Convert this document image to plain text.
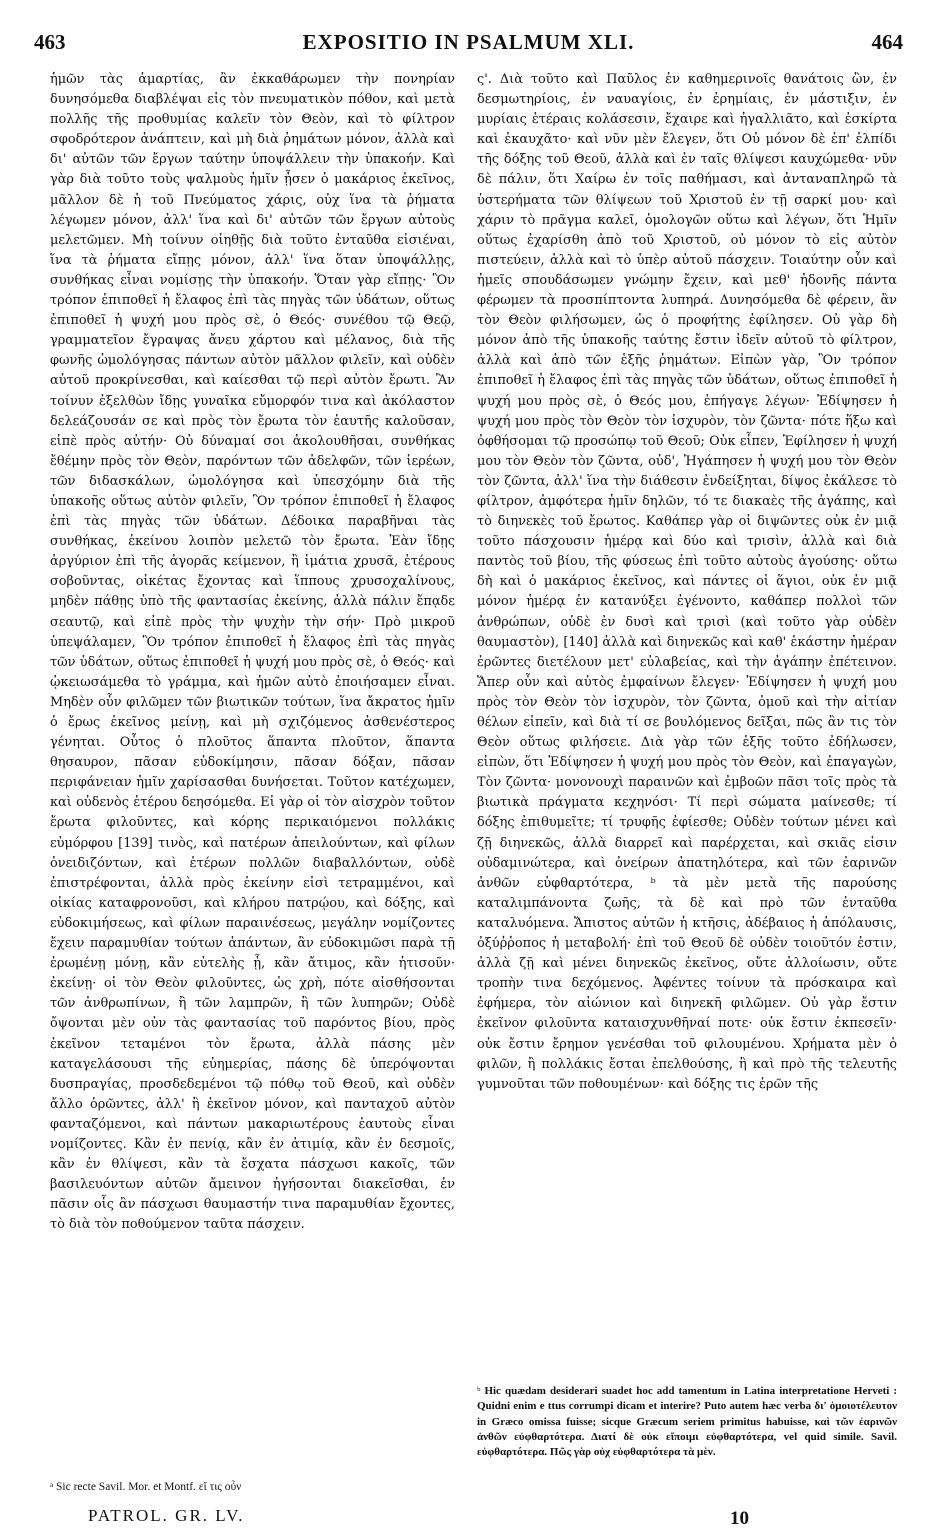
463	EXPOSITIO IN PSALMUM XLI.	464

ἡμῶν τὰς ἁμαρτίας, ἂν ἐκκαθάρωμεν τὴν πονηρίαν δυνησόμεθα διαβλέψαι εἰς τὸν πνευματικὸν πόθον, καὶ μετὰ πολλῆς τῆς προθυμίας καλεῖν τὸν Θεὸν, καὶ τὸ φίλτρον σφοδρότερον ἀνάπτειν, καὶ μὴ διὰ ῥημάτων μόνον, ἀλλὰ καὶ δι' αὐτῶν τῶν ἔργων ταύτην ὑποψάλλειν τὴν ὑπακοήν. Καὶ γὰρ διὰ τοῦτο τοὺς ψαλμοὺς ἡμῖν ᾖσεν ὁ μακάριος ἐκεῖνος, μᾶλλον δὲ ἡ τοῦ Πνεύματος χάρις, οὐχ ἵνα τὰ ῥήματα λέγωμεν μόνον, ἀλλ' ἵνα καὶ δι' αὐτῶν τῶν ἔργων αὐτοὺς μελετῶμεν. Μὴ τοίνυν οἰηθῇς διὰ τοῦτο ἐνταῦθα εἰσιέναι, ἵνα τὰ ῥήματα εἴπῃς μόνον, ἀλλ' ἵνα ὅταν ὑποψάλλῃς, συνθήκας εἶναι νομίσῃς τὴν ὑπακοήν. Ὅταν γὰρ εἴπῃς· Ὃν τρόπον ἐπιποθεῖ ἡ ἔλαφος ἐπὶ τὰς πηγὰς τῶν ὑδάτων, οὕτως ἐπιποθεῖ ἡ ψυχή μου πρὸς σὲ, ὁ Θεός· συνέθου τῷ Θεῷ, γραμματεῖον ἔγραψας ἄνευ χάρτου καὶ μέλανος, διὰ τῆς φωνῆς ὡμολόγησας πάντων αὐτὸν μᾶλλον φιλεῖν, καὶ οὐδὲν αὐτοῦ προκρίνεσθαι, καὶ καίεσθαι τῷ περὶ αὐτὸν ἔρωτι. Ἂν τοίνυν ἐξελθὼν ἴδῃς γυναῖκα εὔμορφόν τινα καὶ ἀκόλαστον δελεάζουσάν σε καὶ πρὸς τὸν ἔρωτα τὸν ἑαυτῆς καλοῦσαν, εἰπὲ πρὸς αὐτήν· Οὐ δύναμαί σοι ἀκολουθῆσαι, συνθήκας ἔθέμην πρὸς τὸν Θεὸν, παρόντων τῶν ἀδελφῶν, τῶν ἱερέων, τῶν διδασκάλων, ὡμολόγησα καὶ ὑπεσχόμην διὰ τῆς ὑπακοῆς οὕτως αὐτὸν φιλεῖν, Ὃν τρόπον ἐπιποθεῖ ἡ ἔλαφος ἐπὶ τὰς πηγὰς τῶν ὑδάτων. Δέδοικα παραβῆναι τὰς συνθήκας, ἐκείνου λοιπὸν μελετῶ τὸν ἔρωτα. Ἐὰν ἴδῃς ἀργύριον ἐπὶ τῆς ἀγορᾶς κείμενον, ἢ ἱμάτια χρυσᾶ, ἑτέρους σοβοῦντας, οἰκέτας ἔχοντας καὶ ἵππους χρυσοχαλίνους, μηδὲν πάθῃς ὑπὸ τῆς φαντασίας ἐκείνης, ἀλλὰ πάλιν ἔπᾳδε σεαυτῷ, καὶ εἰπὲ πρὸς τὴν ψυχὴν τὴν σήν· Πρὸ μικροῦ ὑπεψάλαμεν, Ὃν τρόπον ἐπιποθεῖ ἡ ἔλαφος ἐπὶ τὰς πηγὰς τῶν ὑδάτων, οὕτως ἐπιποθεῖ ἡ ψυχή μου πρὸς σὲ, ὁ Θεός· καὶ ᾠκειωσάμεθα τὸ γράμμα, καὶ ἡμῶν αὐτὸ ἐποιήσαμεν εἶναι. Μηδὲν οὖν φιλῶμεν τῶν βιωτικῶν τούτων, ἵνα ἄκρατος ἡμῖν ὁ ἔρως ἐκεῖνος μείνῃ, καὶ μὴ σχιζόμενος ἀσθενέστερος γένηται. Οὗτος ὁ πλοῦτος ἅπαντα πλοῦτον, ἅπαντα θησαυρον, πᾶσαν εὐδοκίμησιν, πᾶσαν δόξαν, πᾶσαν περιφάνειαν ἡμῖν χαρίσασθαι δυνήσεται. Τοῦτον κατέχωμεν, καὶ οὐδενὸς ἑτέρου δεησόμεθα. Εἰ γὰρ οἱ τὸν αἰσχρὸν τοῦτον ἔρωτα φιλοῦντες, καὶ κόρης περικαιόμενοι πολλάκις εὐμόρφου [139] τινὸς, καὶ πατέρων ἀπειλούντων, καὶ φίλων ὀνειδιζόντων, καὶ ἑτέρων πολλῶν διαβαλλόντων, οὐδὲ ἐπιστρέφονται, ἀλλὰ πρὸς ἐκείνην εἰσὶ τετραμμένοι, καὶ οἰκίας καταφρονοῦσι, καὶ κλήρου πατρῴου, καὶ δόξης, καὶ εὐδοκιμήσεως, καὶ φίλων παραινέσεως, μεγάλην νομίζοντες ἔχειν παραμυθίαν τούτων ἁπάντων, ἂν εὐδοκιμῶσι παρὰ τῇ ἐρωμένῃ μόνῃ, κἂν εὐτελὴς ᾖ, κἂν ἄτιμος, κἂν ἡτισοῦν· ἐκείνῃ· οἱ τὸν Θεὸν φιλοῦντες, ὡς χρὴ, πότε αἰσθήσονται τῶν ἀνθρωπίνων, ἢ τῶν λαμπρῶν, ἢ τῶν λυπηρῶν; Οὐδὲ ὄψονται μὲν οὐν τὰς φαντασίας τοῦ παρόντος βίου, πρὸς ἐκεῖνον τεταμένοι τὸν ἔρωτα, ἀλλὰ πάσης μὲν καταγελάσουσι τῆς εὐημερίας, πάσης δὲ ὑπερόψονται δυσπραγίας, προσδεδεμένοι τῷ πόθῳ τοῦ Θεοῦ, καὶ οὐδὲν ἄλλο ὁρῶντες, ἀλλ' ἢ ἐκεῖνον μόνον, καὶ πανταχοῦ αὐτὸν φανταζόμενοι, καὶ πάντων μακαριωτέρους ἑαυτοὺς εἶναι νομίζοντες. Κἂν ἐν πενίᾳ, κἂν ἐν ἀτιμίᾳ, κἂν ἐν δεσμοῖς, κἂν ἐν θλίψεσι, κἂν τὰ ἔσχατα πάσχωσι κακοῖς, τῶν βασιλευόντων αὐτῶν ἄμεινον ἡγήσονται διακεῖσθαι, ἐν πᾶσιν οἷς ἂν πάσχωσι θαυμαστήν τινα παραμυθίαν ἔχοντες, τὸ διὰ τὸν ποθούμενον ταῦτα πάσχειν.

ς'. Διὰ τοῦτο καὶ Παῦλος ἐν καθημερινοῖς θανάτοις ὢν, ἐν δεσμωτηρίοις, ἐν ναυαγίοις, ἐν ἐρημίαις, ἐν μάστιξιν, ἐν μυρίαις ἑτέραις κολάσεσιν, ἔχαιρε καὶ ἠγαλλιᾶτο, καὶ ἐσκίρτα καὶ ἐκαυχᾶτο· καὶ νῦν μὲν ἔλεγεν, ὅτι Οὐ μόνον δὲ ἐπ' ἐλπίδι τῆς δόξης τοῦ Θεοῦ, ἀλλὰ καὶ ἐν ταῖς θλίψεσι καυχώμεθα· νῦν δὲ πάλιν, ὅτι Χαίρω ἐν τοῖς παθήμασι, καὶ ἀνταναπληρῶ τὰ ὑστερήματα τῶν θλίψεων τοῦ Χριστοῦ ἐν τῇ σαρκί μου· καὶ χάριν τὸ πρᾶγμα καλεῖ, ὁμολογῶν οὕτω καὶ λέγων, ὅτι Ἡμῖν οὕτως ἐχαρίσθη ἀπὸ τοῦ Χριστοῦ, οὐ μόνον τὸ εἰς αὐτὸν πιστεύειν, ἀλλὰ καὶ τὸ ὑπὲρ αὐτοῦ πάσχειν. Τοιαύτην οὖν καὶ ἡμεῖς σπουδάσωμεν γνώμην ἔχειν, καὶ μεθ' ἡδονῆς πάντα φέρωμεν τὰ προσπίπτοντα λυπηρά. Δυνησόμεθα δὲ φέρειν, ἂν τὸν Θεὸν φιλήσωμεν, ὡς ὁ προφήτης ἐφίλησεν. Οὐ γὰρ δὴ μόνον ἀπὸ τῆς ὑπακοῆς ταύτης ἔστιν ἰδεῖν αὐτοῦ τὸ φίλτρον, ἀλλὰ καὶ ἀπὸ τῶν ἑξῆς ῥημάτων. Εἰπὼν γὰρ, Ὃν τρόπον ἐπιποθεῖ ἡ ἔλαφος ἐπὶ τὰς πηγὰς τῶν ὑδάτων, οὕτως ἐπιποθεῖ ἡ ψυχή μου πρὸς σὲ, ὁ Θεός μου, ἐπήγαγε λέγων· Ἐδίψησεν ἡ ψυχή μου πρὸς τὸν Θεὸν τὸν ἰσχυρὸν, τὸν ζῶντα· πότε ἥξω καὶ ὀφθήσομαι τῷ προσώπῳ τοῦ Θεοῦ; Οὐκ εἶπεν, Ἐφίλησεν ἡ ψυχή μου τὸν Θεὸν τὸν ζῶντα, οὐδ', Ἠγάπησεν ἡ ψυχή μου τὸν Θεὸν τὸν ζῶντα, ἀλλ' ἵνα τὴν διάθεσιν ἐνδείξηται, δίψος ἐκάλεσε τὸ φίλτρον, ἀμφότερα ἡμῖν δηλῶν, τό τε διακαὲς τῆς ἀγάπης, καὶ τὸ διηνεκὲς τοῦ ἔρωτος. Καθάπερ γὰρ οἱ διψῶντες οὐκ ἐν μιᾷ τοῦτο πάσχουσιν ἡμέρᾳ καὶ δύο καὶ τρισὶν, ἀλλὰ καὶ διὰ παντὸς τοῦ βίου, τῆς φύσεως ἐπὶ τοῦτο αὐτοὺς ἀγούσης· οὕτω δὴ καὶ ὁ μακάριος ἐκεῖνος, καὶ πάντες οἱ ἅγιοι, οὐκ ἐν μιᾷ μόνον ἡμέρᾳ ἐν κατανύξει ἐγένοντο, καθάπερ πολλοὶ τῶν ἀνθρώπων, οὐδὲ ἐν δυσὶ καὶ τρισὶ (καὶ τοῦτο γὰρ οὐδὲν θαυμαστὸν), [140] ἀλλὰ καὶ διηνεκῶς καὶ καθ' ἑκάστην ἡμέραν ἐρῶντες διετέλουν μετ' εὐλαβείας, καὶ τὴν ἀγάπην ἐπέτεινον. Ἅπερ οὖν καὶ αὐτὸς ἐμφαίνων ἔλεγεν· Ἐδίψησεν ἡ ψυχή μου πρὸς τὸν Θεὸν τὸν ἰσχυρὸν, τὸν ζῶντα, ὁμοῦ καὶ τὴν αἰτίαν θέλων εἰπεῖν, καὶ διὰ τί σε βουλόμενος δεῖξαι, πῶς ἂν τις τὸν Θεὸν οὕτως φιλήσειε. Διὰ γὰρ τῶν ἑξῆς τοῦτο ἐδήλωσεν, εἰπὼν, ὅτι Ἐδίψησεν ἡ ψυχή μου πρὸς τὸν Θεὸν, καὶ ἐπαγαγὼν, Τὸν ζῶντα· μονονουχὶ παραινῶν καὶ ἐμβοῶν πᾶσι τοῖς πρὸς τὰ βιωτικὰ πράγματα κεχηνόσι· Τί περὶ σώματα μαίνεσθε; τί δόξης ἐπιθυμεῖτε; τί τρυφῆς ἐφίεσθε; Οὐδὲν τούτων μένει καὶ ζῇ διηνεκῶς, ἀλλὰ διαρρεῖ καὶ παρέρχεται, καὶ σκιᾶς εἰσιν οὐδαμινώτερα, καὶ ὀνείρων ἀπατηλότερα, καὶ τῶν ἐαρινῶν ἀνθῶν εὐφθαρτότερα, ᵇ τὰ μὲν μετὰ τῆς παρούσης καταλιμπάνοντα ζωῆς, τὰ δὲ καὶ πρὸ τῶν ἐνταῦθα καταλυόμενα. Ἄπιστος αὐτῶν ἡ κτῆσις, ἀδέβαιος ἡ ἀπόλαυσις, ὀξύῤῥοπος ἡ μεταβολή· ἐπὶ τοῦ Θεοῦ δὲ οὐδὲν τοιοῦτόν ἐστιν, ἀλλὰ ζῇ καὶ μένει διηνεκῶς ἐκεῖνος, οὔτε ἀλλοίωσιν, οὔτε τροπὴν τινα δεχόμενος. Ἀφέντες τοίνυν τὰ πρόσκαιρα καὶ ἐφήμερα, τὸν αἰώνιον καὶ διηνεκῆ φιλῶμεν. Οὐ γὰρ ἔστιν ἐκεῖνον φιλοῦντα καταισχυνθῆναί ποτε· οὐκ ἔστιν ἐκπεσεῖν· οὐκ ἔστιν ἔρημον γενέσθαι τοῦ φιλουμένου. Χρήματα μὲν ὁ φιλῶν, ἢ πολλάκις ἔσται ἐπελθούσης, ἢ καὶ πρὸ τῆς τελευτῆς γυμνοῦται τῶν ποθουμένων· καὶ δόξης τις ἐρῶν τῆς

ᵃ Sic recte Savil. Mor. et Montf. εἴ τις οὖν
PATROL. GR. LV.
ᵇ Hic quædam desiderari suadet hoc add tamentum in Latina interpretatione Herveti : Quidni enim e ttus corrumpi dicam et interire? Puto autem hæc verba δι' ὁμοιοτέλευτον in Græco omissa fuisse; sicque Græcum seriem primitus habuisse, καὶ τῶν ἐαρινῶν ἀνθῶν εὐφθαρτότερα. Διατί δὲ οὐκ εἴποιμι εὐφθαρτότερα, vel quid simile. Savil. εὐφθαρτότερα. Πῶς γὰρ οὐχ εὐφθαρτότερα τὰ μὲν.
10
